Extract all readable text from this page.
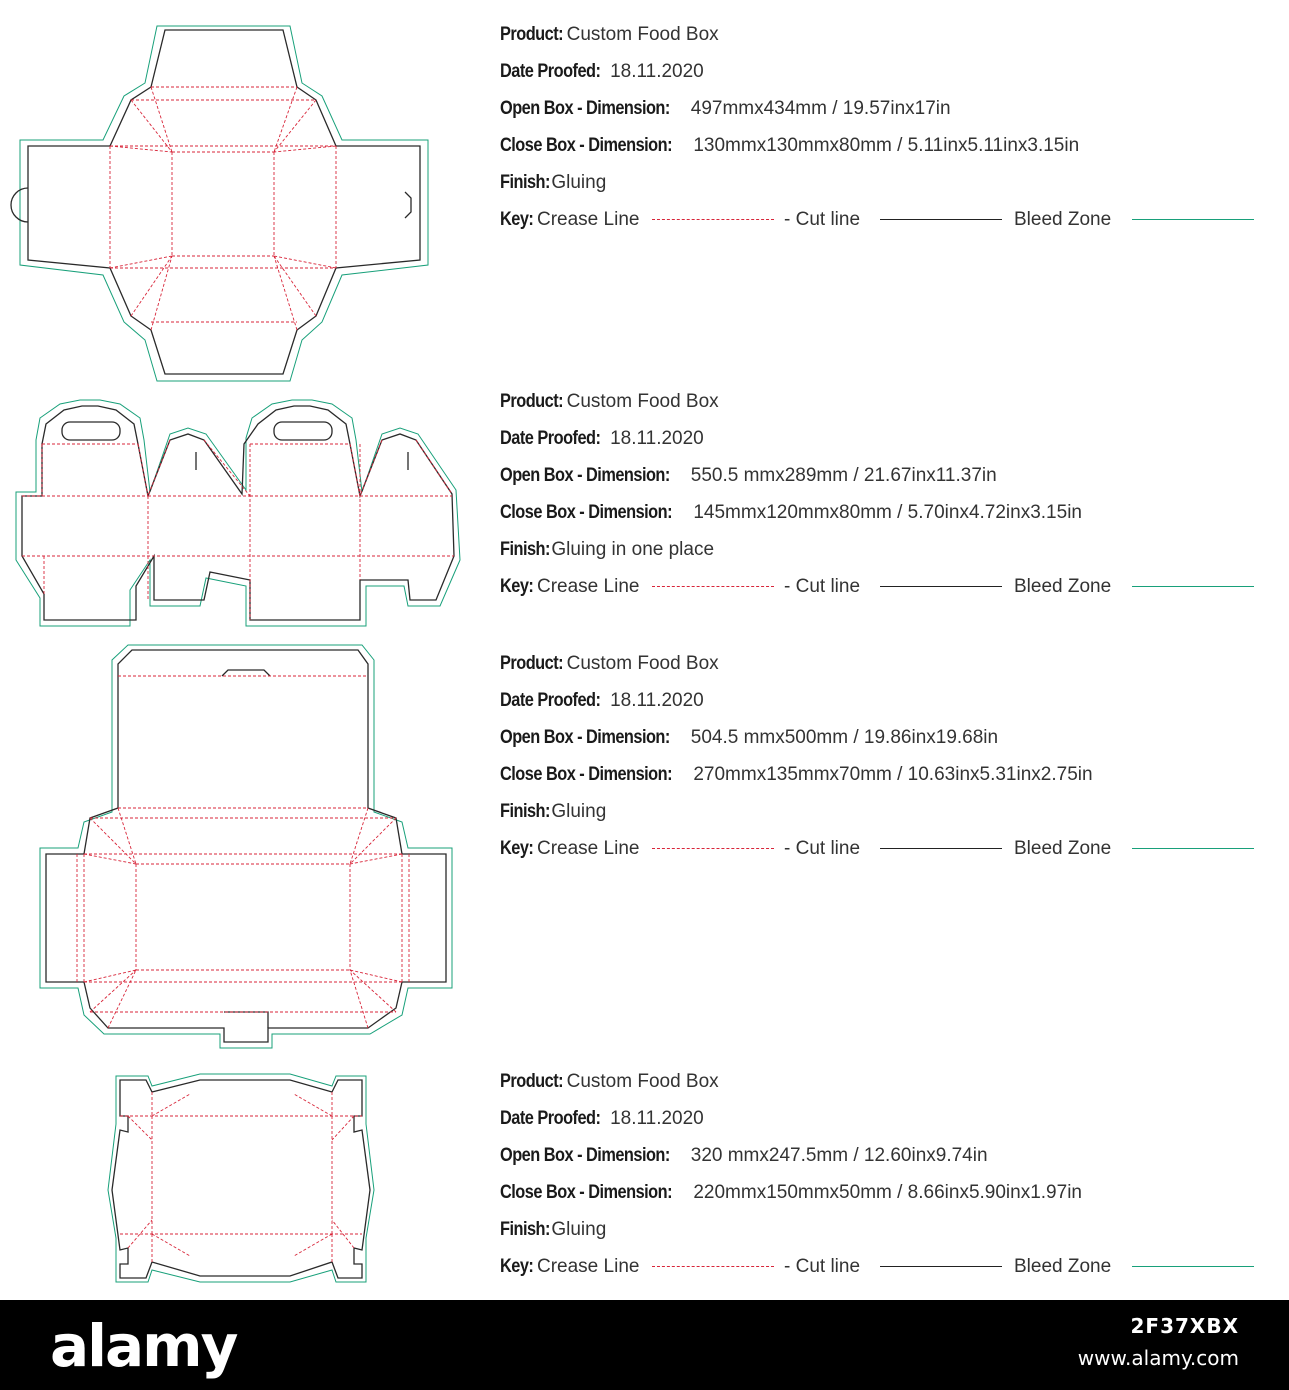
Product: Custom Food Box
Date Proofed: 18.11.2020
Open Box - Dimension: 497mmx434mm / 19.57inx17in
Close Box - Dimension: 130mmx130mmx80mm / 5.11inx5.11inx3.15in
Finish: Gluing
Key: Crease Line	- Cut line	Bleed Zone
Product: Custom Food Box
Date Proofed: 18.11.2020
Open Box - Dimension: 550.5 mmx289mm / 21.67inx11.37in
Close Box - Dimension: 145mmx120mmx80mm / 5.70inx4.72inx3.15in
Finish: Gluing in one place
Key: Crease Line	- Cut line	Bleed Zone
Product: Custom Food Box
Date Proofed: 18.11.2020
Open Box - Dimension: 504.5 mmx500mm / 19.86inx19.68in
Close Box - Dimension: 270mmx135mmx70mm / 10.63inx5.31inx2.75in
Finish: Gluing
Key: Crease Line	- Cut line	Bleed Zone
Product: Custom Food Box
Date Proofed: 18.11.2020
Open Box - Dimension: 320 mmx247.5mm / 12.60inx9.74in
Close Box - Dimension: 220mmx150mmx50mm / 8.66inx5.90inx1.97in
Finish: Gluing
Key: Crease Line	- Cut line	Bleed Zone
alamy	2F37XBX
www.alamy.com
